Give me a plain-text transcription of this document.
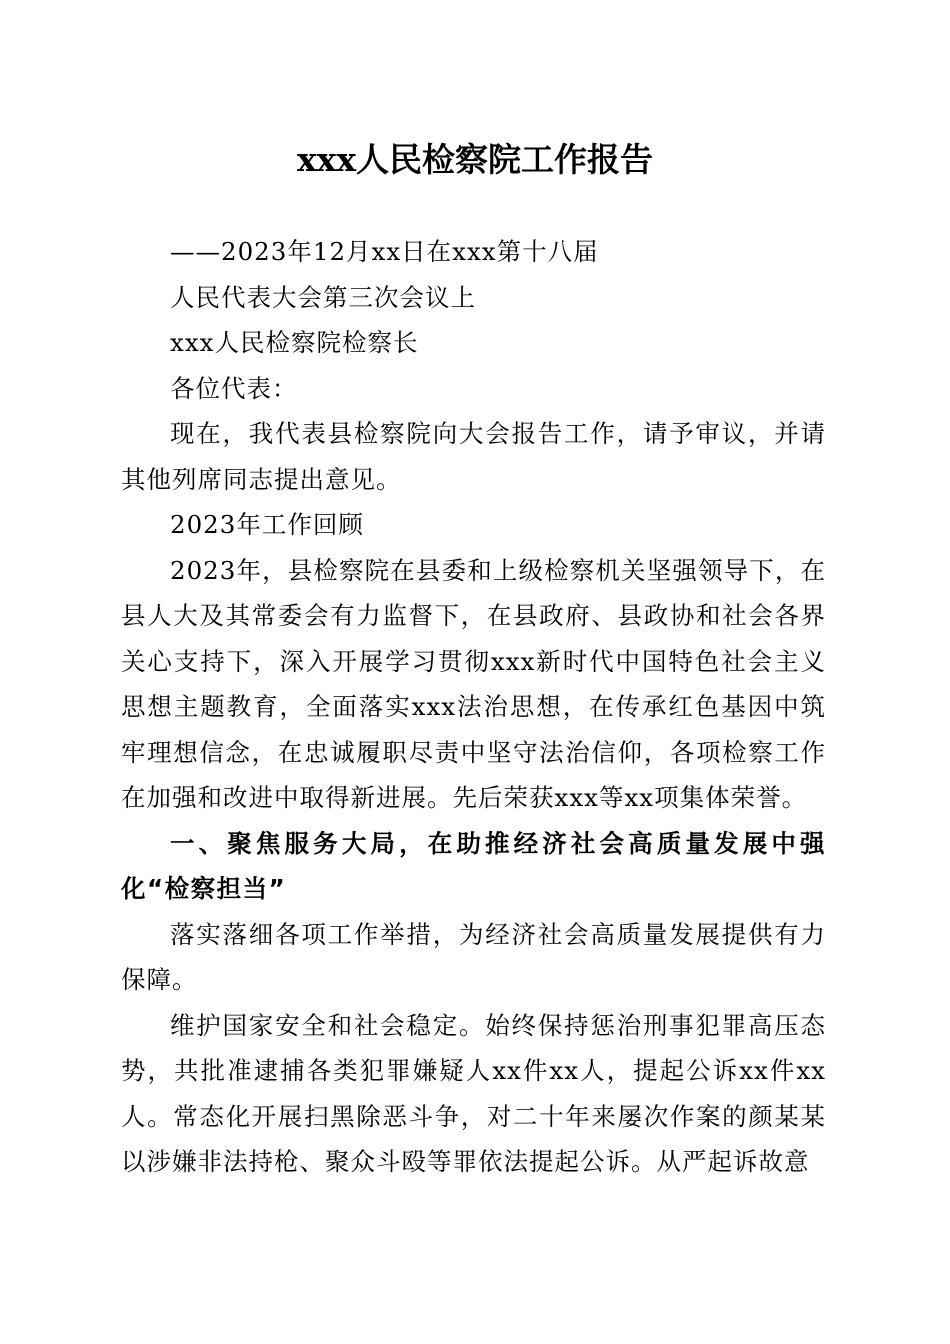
xxx人民检察院工作报告

——2023年12月xx日在xxx第十八届

人民代表大会第三次会议上

xxx人民检察院检察长

各位代表：

现在，我代表县检察院向大会报告工作，请予审议，并请其他列席同志提出意见。

2023年工作回顾

2023年，县检察院在县委和上级检察机关坚强领导下，在县人大及其常委会有力监督下，在县政府、县政协和社会各界关心支持下，深入开展学习贯彻xxx新时代中国特色社会主义思想主题教育，全面落实xxx法治思想，在传承红色基因中筑牢理想信念，在忠诚履职尽责中坚守法治信仰，各项检察工作在加强和改进中取得新进展。先后荣获xxx等xx项集体荣誉。

一、聚焦服务大局，在助推经济社会高质量发展中强化“检察担当”

落实落细各项工作举措，为经济社会高质量发展提供有力保障。

维护国家安全和社会稳定。始终保持惩治刑事犯罪高压态势，共批准逮捕各类犯罪嫌疑人xx件xx人，提起公诉xx件xx人。常态化开展扫黑除恶斗争，对二十年来屡次作案的颜某某以涉嫌非法持枪、聚众斗殴等罪依法提起公诉。从严起诉故意
